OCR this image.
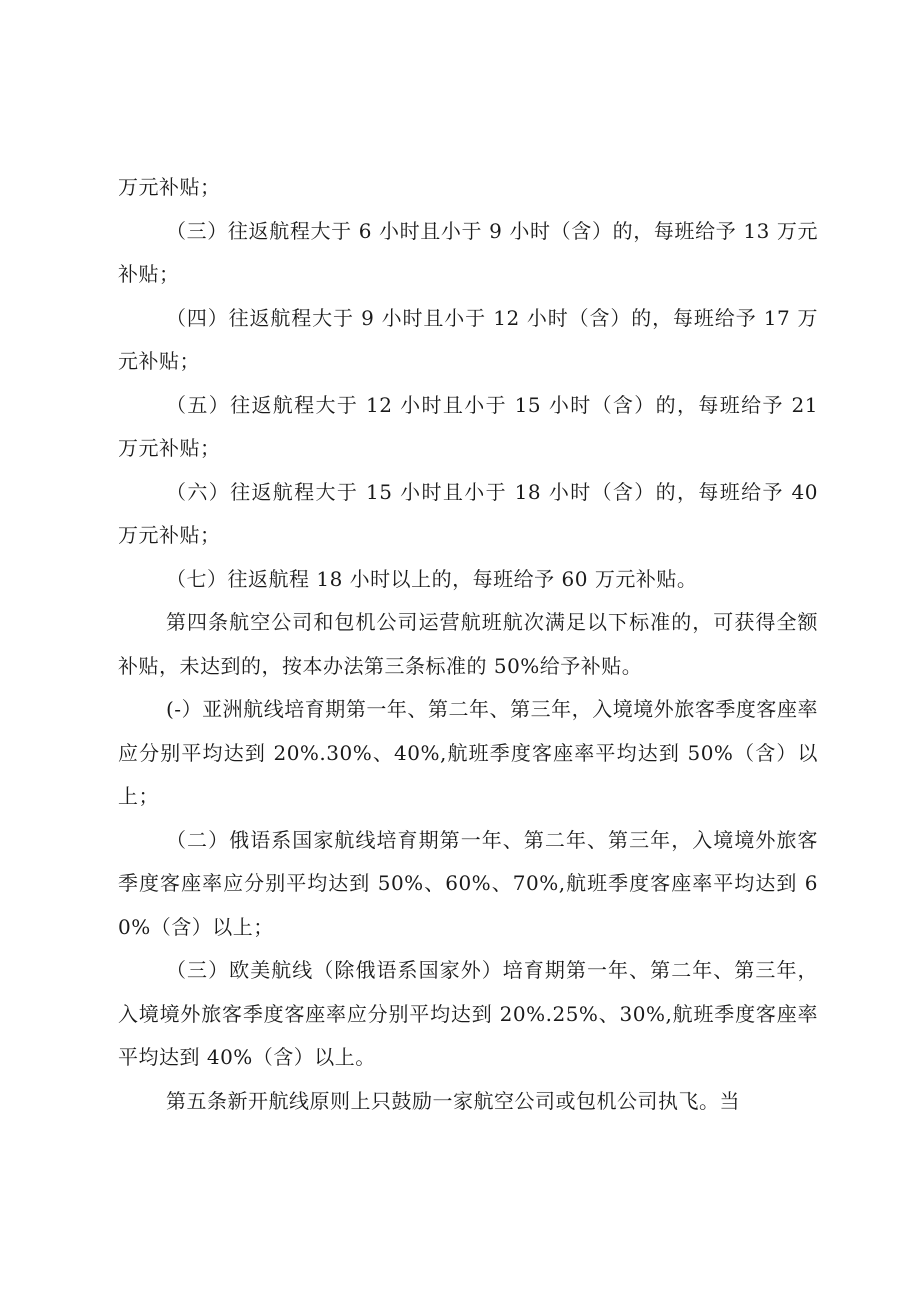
万元补贴；

（三）往返航程大于 6 小时且小于 9 小时（含）的，每班给予 13 万元补贴；

（四）往返航程大于 9 小时且小于 12 小时（含）的，每班给予 17 万元补贴；

（五）往返航程大于 12 小时且小于 15 小时（含）的，每班给予 21 万元补贴；

（六）往返航程大于 15 小时且小于 18 小时（含）的，每班给予 40 万元补贴；

（七）往返航程 18 小时以上的，每班给予 60 万元补贴。

第四条航空公司和包机公司运营航班航次满足以下标准的，可获得全额补贴，未达到的，按本办法第三条标准的 50%给予补贴。

(-）亚洲航线培育期第一年、第二年、第三年，入境境外旅客季度客座率应分别平均达到 20%.30%、40%,航班季度客座率平均达到 50%（含）以上；

（二）俄语系国家航线培育期第一年、第二年、第三年，入境境外旅客季度客座率应分别平均达到 50%、60%、70%,航班季度客座率平均达到 60%（含）以上；

（三）欧美航线（除俄语系国家外）培育期第一年、第二年、第三年，入境境外旅客季度客座率应分别平均达到 20%.25%、30%,航班季度客座率平均达到 40%（含）以上。

第五条新开航线原则上只鼓励一家航空公司或包机公司执飞。当
